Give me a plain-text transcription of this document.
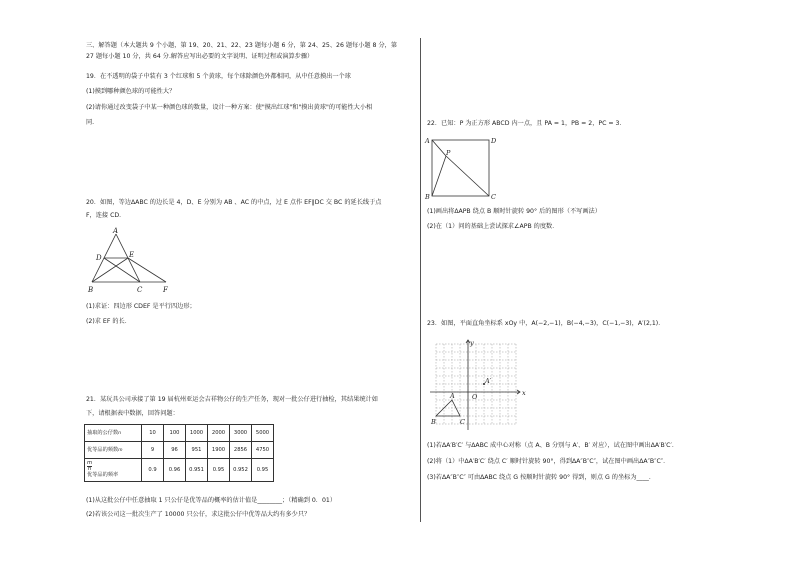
三、解答题（本大题共 9 个小题，第 19、20、21、22、23 题每小题 6 分，第 24、25、26 题每小题 8 分，第
27 题每小题 10 分，共 64 分.解答应写出必要的文字说明、证明过程或演算步骤）
19．在不透明的袋子中装有 3 个红球和 5 个黄球，每个球除颜色外都相同，从中任意摸出一个球
(1)摸到哪种颜色球的可能性大？
(2)请你通过改变袋子中某一种颜色球的数量，设计一种方案：使"摸出红球"和"摸出黄球"的可能性大小相
同.
20．如图，等边∆ABC 的边长是 4，D、E 分别为 AB 、AC 的中点，过 E 点作 EF∥DC 交 BC 的延长线于点
F，连接 CD．
A
D	E
B	C	F
(1)求证：四边形 CDEF 是平行四边形；
(2)求 EF 的长．
21．某玩具公司承接了第 19 届杭州亚运会吉祥物公仔的生产任务，现对一批公仔进行抽检，其结果统计如
下，请根据表中数据，回答问题：
抽取的公仔数n	10	100	1000	2000	3000	5000
优等品的频数m	9	96	951	1900	2856	4750

$\frac{m}{n}$

优等品的频率	0.9	0.96	0.951	0.95	0.952	0.95
(1)从这批公仔中任意抽取 1 只公仔是优等品的概率的估计值是________；（精确到 0．01）
(2)若该公司这一批次生产了 10000 只公仔，求这批公仔中优等品大约有多少只？
22．已知：P 为正方形 ABCD 内一点，且 PA = 1，PB = 2，PC = 3．
A	D
P
B	C
(1)画出将∆APB 绕点 B 顺时针旋转 90° 后的图形（不写画法）
(2)在（1）问的基础上尝试探求∠APB 的度数．
23．如图，平面直角坐标系 xOy 中，A(−2,−1)，B(−4,−3)，C(−1,−3)，A′(2,1)．
x
y
O
A
A′
B	C
(1)若∆A′B′C′ 与∆ABC 成中心对称（点 A、B 分别与 A′、B′ 对应），试在图中画出∆A′B′C′．
(2)将（1）中∆A′B′C′ 绕点 C′ 顺时针旋转 90°，得到∆A″B″C″，试在图中画出∆A″B″C″．
(3)若∆A″B″C″ 可由∆ABC 绕点 G 按顺时针旋转 90° 得到，则点 G 的坐标为____．
